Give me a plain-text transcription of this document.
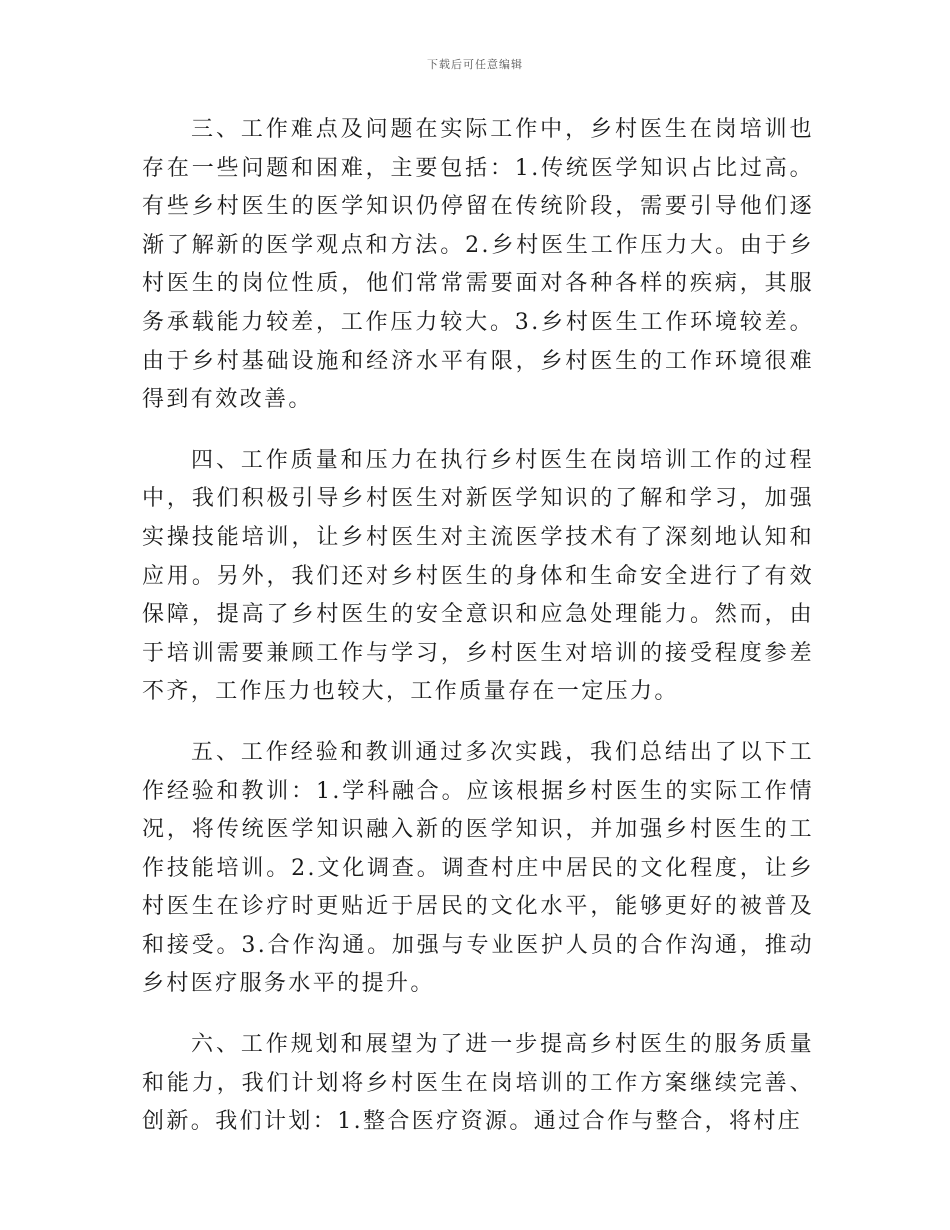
下载后可任意编辑

三、工作难点及问题在实际工作中，乡村医生在岗培训也存在一些问题和困难，主要包括：1.传统医学知识占比过高。有些乡村医生的医学知识仍停留在传统阶段，需要引导他们逐渐了解新的医学观点和方法。2.乡村医生工作压力大。由于乡村医生的岗位性质，他们常常需要面对各种各样的疾病，其服务承载能力较差，工作压力较大。3.乡村医生工作环境较差。由于乡村基础设施和经济水平有限，乡村医生的工作环境很难得到有效改善。

四、工作质量和压力在执行乡村医生在岗培训工作的过程中，我们积极引导乡村医生对新医学知识的了解和学习，加强实操技能培训，让乡村医生对主流医学技术有了深刻地认知和应用。另外，我们还对乡村医生的身体和生命安全进行了有效保障，提高了乡村医生的安全意识和应急处理能力。然而，由于培训需要兼顾工作与学习，乡村医生对培训的接受程度参差不齐，工作压力也较大，工作质量存在一定压力。

五、工作经验和教训通过多次实践，我们总结出了以下工作经验和教训：1.学科融合。应该根据乡村医生的实际工作情况，将传统医学知识融入新的医学知识，并加强乡村医生的工作技能培训。2.文化调查。调查村庄中居民的文化程度，让乡村医生在诊疗时更贴近于居民的文化水平，能够更好的被普及和接受。3.合作沟通。加强与专业医护人员的合作沟通，推动乡村医疗服务水平的提升。

六、工作规划和展望为了进一步提高乡村医生的服务质量和能力，我们计划将乡村医生在岗培训的工作方案继续完善、创新。我们计划：1.整合医疗资源。通过合作与整合，将村庄
